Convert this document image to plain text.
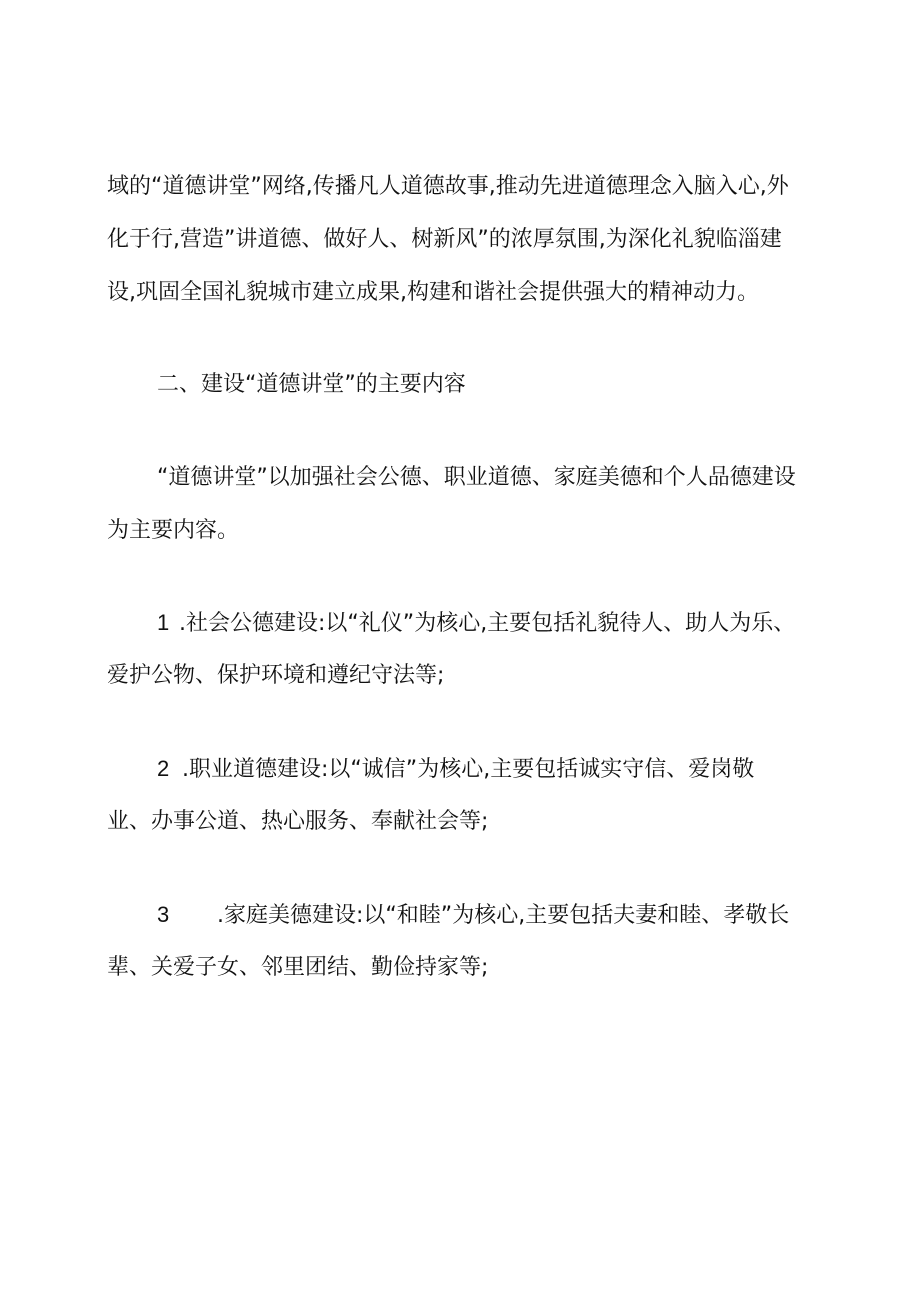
域的“道德讲堂”网络,传播凡人道德故事,推动先进道德理念入脑入心,外
化于行,营造”讲道德、做好人、树新风”的浓厚氛围,为深化礼貌临淄建
设,巩固全国礼貌城市建立成果,构建和谐社会提供强大的精神动力。
二、建设“道德讲堂”的主要内容
“道德讲堂”以加强社会公德、职业道德、家庭美德和个人品德建设
为主要内容。
1 .社会公德建设:以“礼仪”为核心,主要包括礼貌待人、助人为乐、
爱护公物、保护环境和遵纪守法等;
2 .职业道德建设:以“诚信”为核心,主要包括诚实守信、爱岗敬
业、办事公道、热心服务、奉献社会等;
3 .家庭美德建设:以“和睦”为核心,主要包括夫妻和睦、孝敬长
辈、关爱子女、邻里团结、勤俭持家等;
